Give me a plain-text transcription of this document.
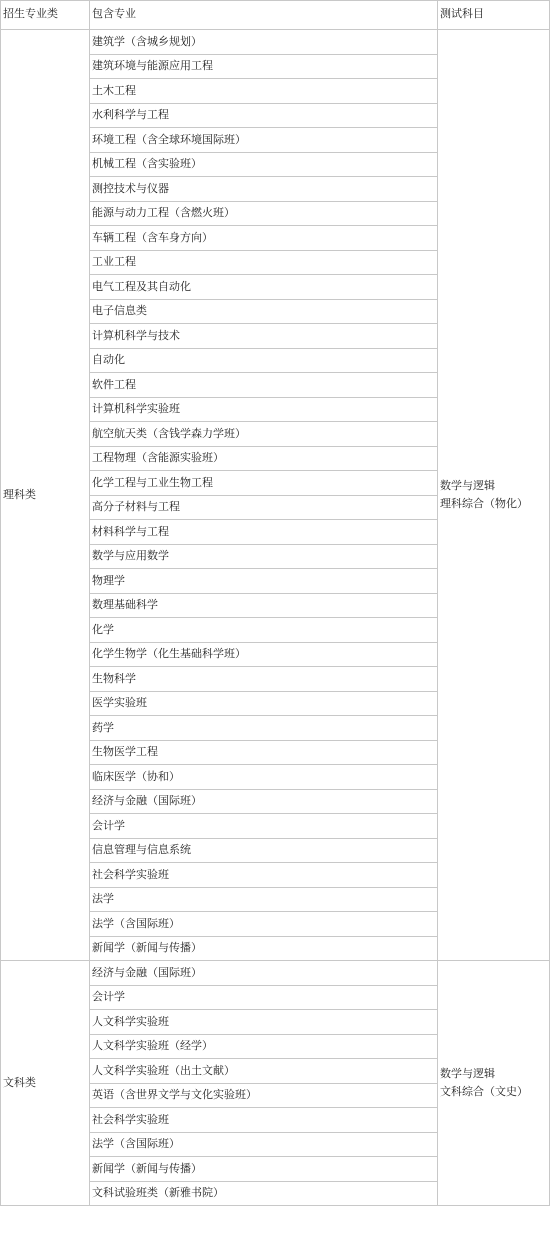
招生专业类	包含专业	测试科目
理科类	建筑学（含城乡规划）	数学与逻辑
理科综合（物化）

	建筑环境与能源应用工程	
	土木工程	
	水利科学与工程	
	环境工程（含全球环境国际班）	
	机械工程（含实验班）	
	测控技术与仪器	
	能源与动力工程（含燃火班）	
	车辆工程（含车身方向）	
	工业工程	
	电气工程及其自动化	
	电子信息类	
	计算机科学与技术	
	自动化	
	软件工程	
	计算机科学实验班	
	航空航天类（含钱学森力学班）	
	工程物理（含能源实验班）	
	化学工程与工业生物工程	
	高分子材料与工程	
	材料科学与工程	
	数学与应用数学	
	物理学	
	数理基础科学	
	化学	
	化学生物学（化生基础科学班）	
	生物科学	
	医学实验班	
	药学	
	生物医学工程	
	临床医学（协和）	
	经济与金融（国际班）	
	会计学	
	信息管理与信息系统	
	社会科学实验班	
	法学	
	法学（含国际班）	
	新闻学（新闻与传播）	
文科类	经济与金融（国际班）	数学与逻辑
文科综合（文史）

	会计学	
	人文科学实验班	
	人文科学实验班（经学）	
	人文科学实验班（出土文献）	
	英语（含世界文学与文化实验班）	
	社会科学实验班	
	法学（含国际班）	
	新闻学（新闻与传播）	
	文科试验班类（新雅书院）	
